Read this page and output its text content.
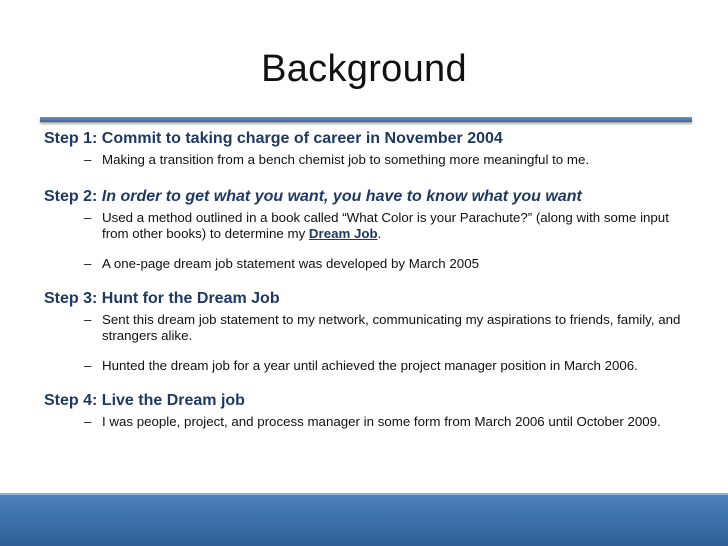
Background
Step 1: Commit to taking charge of career in November 2004
– Making a transition from a bench chemist job to something more meaningful to me.
Step 2: In order to get what you want, you have to know what you want
– Used a method outlined in a book called “What Color is your Parachute?” (along with some input from other books) to determine my Dream Job.
– A one-page dream job statement was developed by March 2005
Step 3: Hunt for the Dream Job
– Sent this dream job statement to my network, communicating my aspirations to friends, family, and strangers alike.
– Hunted the dream job for a year until achieved the project manager position in March 2006.
Step 4: Live the Dream job
– I was people, project, and process manager in some form from March 2006 until October 2009.
